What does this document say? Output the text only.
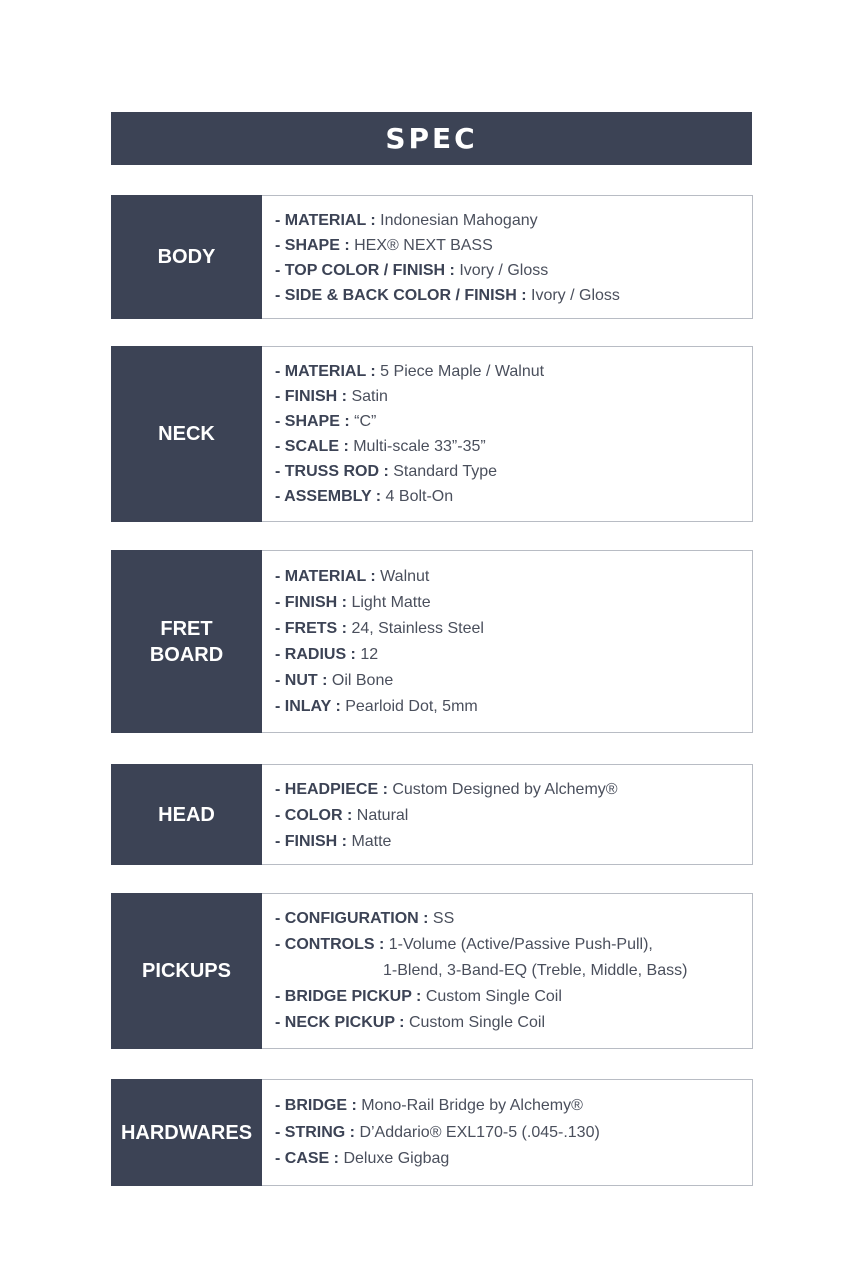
SPEC
BODY
- MATERIAL : Indonesian Mahogany
- SHAPE : HEX® NEXT BASS
- TOP COLOR / FINISH : Ivory / Gloss
- SIDE & BACK COLOR / FINISH : Ivory / Gloss
NECK
- MATERIAL : 5 Piece Maple / Walnut
- FINISH : Satin
- SHAPE : “C”
- SCALE : Multi-scale 33”-35”
- TRUSS ROD : Standard Type
- ASSEMBLY : 4 Bolt-On
FRET
BOARD
- MATERIAL : Walnut
- FINISH : Light Matte
- FRETS : 24, Stainless Steel
- RADIUS : 12
- NUT : Oil Bone
- INLAY : Pearloid Dot, 5mm
HEAD
- HEADPIECE : Custom Designed by Alchemy®
- COLOR : Natural
- FINISH : Matte
PICKUPS
- CONFIGURATION : SS
- CONTROLS : 1-Volume (Active/Passive Push-Pull),
1-Blend, 3-Band-EQ (Treble, Middle, Bass)
- BRIDGE PICKUP : Custom Single Coil
- NECK PICKUP : Custom Single Coil
HARDWARES
- BRIDGE : Mono-Rail Bridge by Alchemy®
- STRING : D’Addario® EXL170-5 (.045-.130)
- CASE : Deluxe Gigbag
